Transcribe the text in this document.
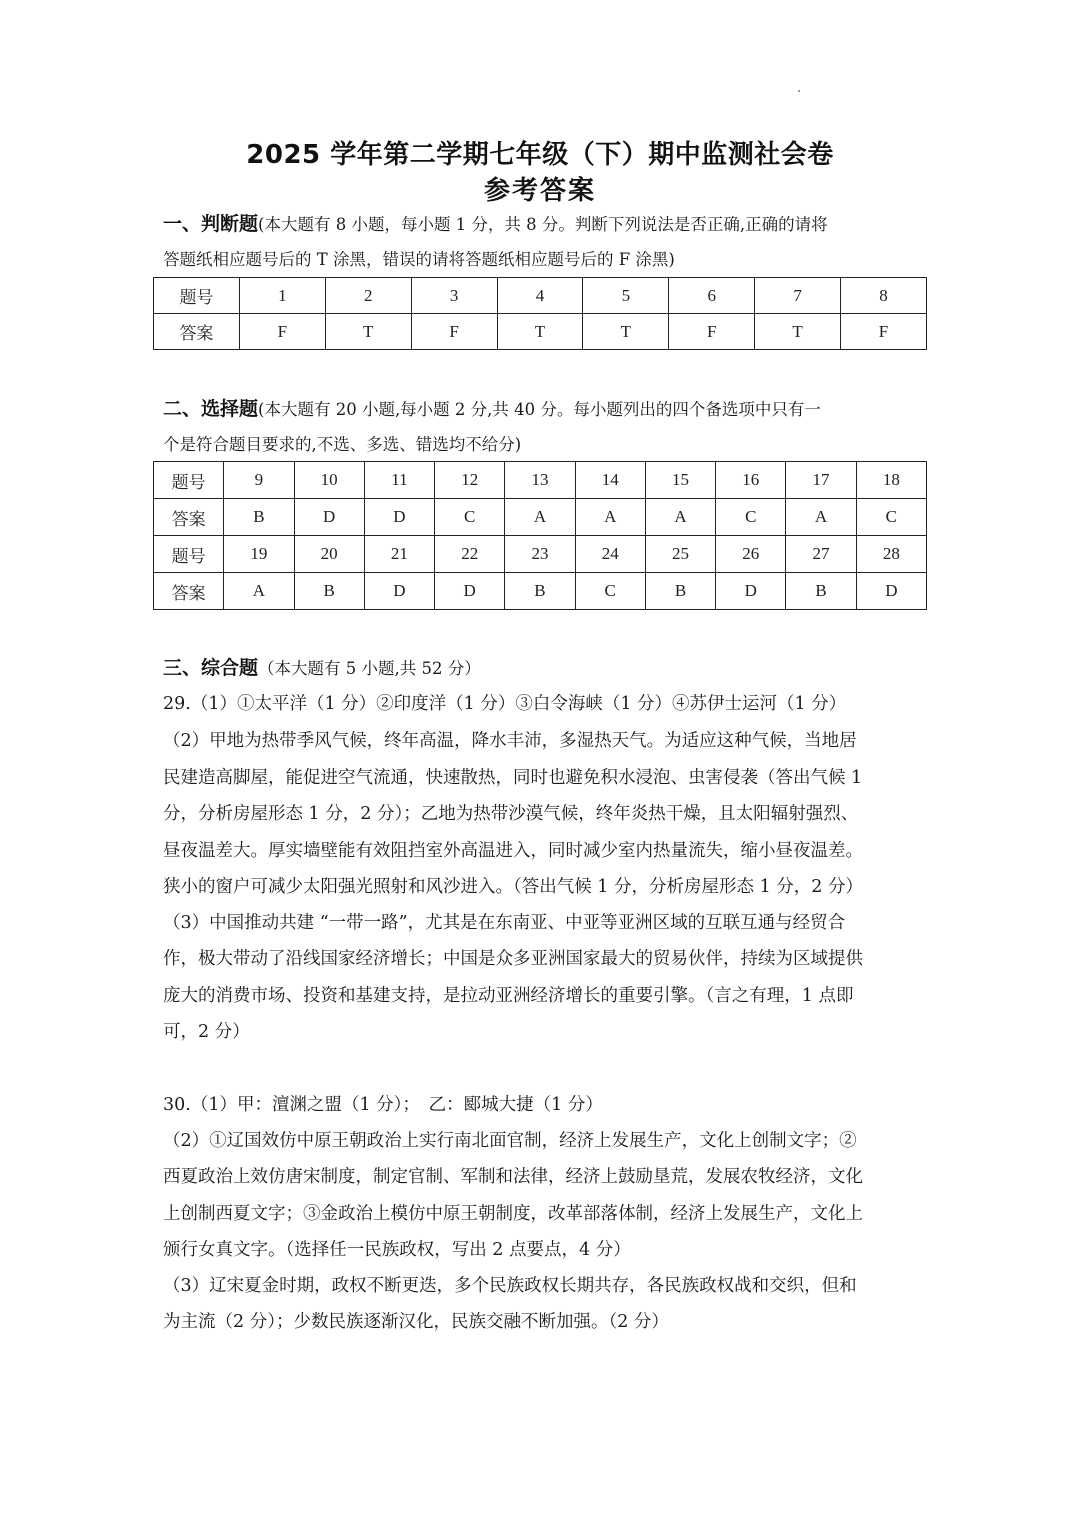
2025 学年第二学期七年级（下）期中监测社会卷
参考答案
一、判断题(本大题有 8 小题，每小题 1 分，共 8 分。判断下列说法是否正确,正确的请将
答题纸相应题号后的 T 涂黑，错误的请将答题纸相应题号后的 F 涂黑)
题号	1	2	3	4	5	6	7	8
答案	F	T	F	T	T	F	T	F
二、选择题(本大题有 20 小题,每小题 2 分,共 40 分。每小题列出的四个备选项中只有一
个是符合题目要求的,不选、多选、错选均不给分)
题号	9	10	11	12	13	14	15	16	17	18
答案	B	D	D	C	A	A	A	C	A	C
题号	19	20	21	22	23	24	25	26	27	28
答案	A	B	D	D	B	C	B	D	B	D
三、综合题（本大题有 5 小题,共 52 分）
29.（1）①太平洋（1 分）②印度洋（1 分）③白令海峡（1 分）④苏伊士运河（1 分）
（2）甲地为热带季风气候，终年高温，降水丰沛，多湿热天气。为适应这种气候，当地居
民建造高脚屋，能促进空气流通，快速散热，同时也避免积水浸泡、虫害侵袭（答出气候 1
分，分析房屋形态 1 分，2 分）；乙地为热带沙漠气候，终年炎热干燥，且太阳辐射强烈、
昼夜温差大。厚实墙壁能有效阻挡室外高温进入，同时减少室内热量流失，缩小昼夜温差。
狭小的窗户可减少太阳强光照射和风沙进入。（答出气候 1 分，分析房屋形态 1 分，2 分）
（3）中国推动共建 “一带一路”，尤其是在东南亚、中亚等亚洲区域的互联互通与经贸合
作，极大带动了沿线国家经济增长；中国是众多亚洲国家最大的贸易伙伴，持续为区域提供
庞大的消费市场、投资和基建支持，是拉动亚洲经济增长的重要引擎。（言之有理，1 点即
可，2 分）
30.（1）甲：澶渊之盟（1 分）；　乙：郾城大捷（1 分）
（2）①辽国效仿中原王朝政治上实行南北面官制，经济上发展生产，文化上创制文字；②
西夏政治上效仿唐宋制度，制定官制、军制和法律，经济上鼓励垦荒，发展农牧经济，文化
上创制西夏文字；③金政治上模仿中原王朝制度，改革部落体制，经济上发展生产，文化上
颁行女真文字。（选择任一民族政权，写出 2 点要点，4 分）
（3）辽宋夏金时期，政权不断更迭，多个民族政权长期共存，各民族政权战和交织，但和
为主流（2 分）；少数民族逐渐汉化，民族交融不断加强。（2 分）
